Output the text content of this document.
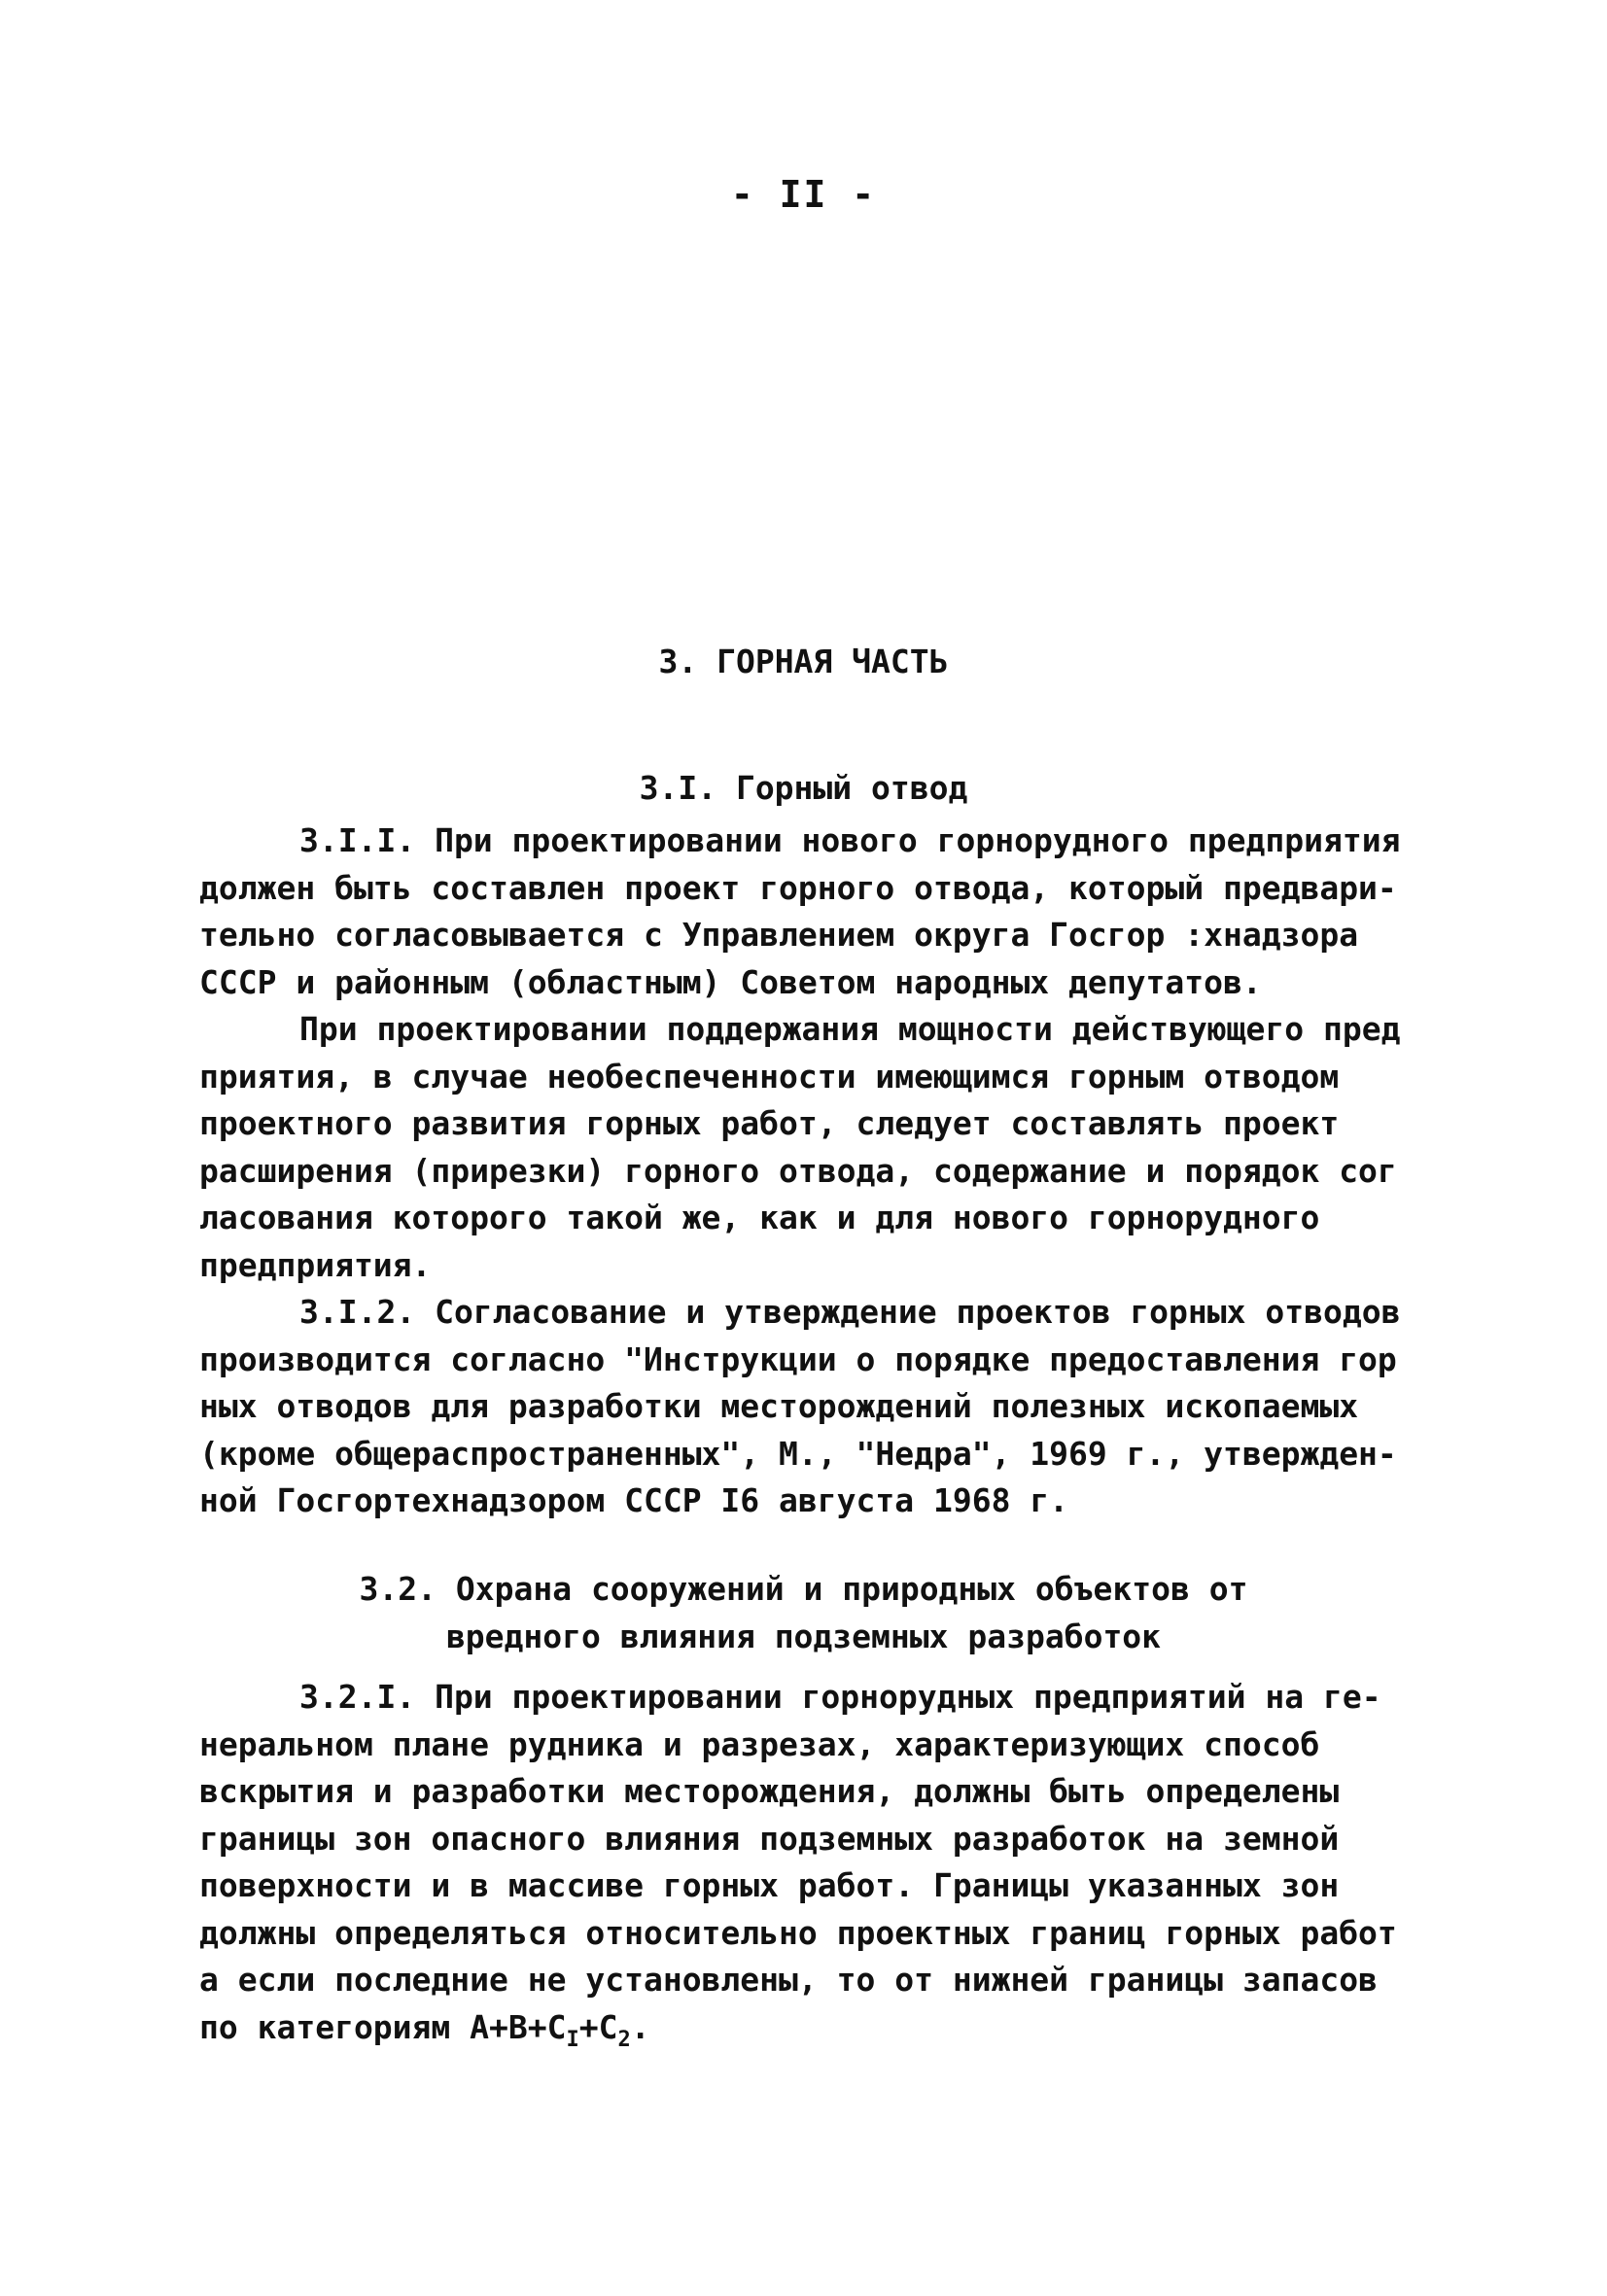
- II -
3. ГОРНАЯ ЧАСТЬ
3.I. Горный отвод
3.I.I. При проектировании нового горнорудного предприятия
должен быть составлен проект горного отвода, который предвари-
тельно согласовывается с Управлением округа Госгор :хнадзора
СССР и районным (областным) Советом народных депутатов.
При проектировании поддержания мощности действующего пред
приятия, в случае необеспеченности имеющимся горным отводом
проектного развития горных работ, следует составлять проект
расширения (прирезки) горного отвода, содержание и порядок сог
ласования которого такой же, как и для нового горнорудного
предприятия.
3.I.2. Согласование и утверждение проектов горных отводов
производится согласно "Инструкции о порядке предоставления гор
ных отводов для разработки месторождений полезных ископаемых
(кроме общераспространенных", М., "Недра", 1969 г., утвержден-
ной Госгортехнадзором СССР I6 августа 1968 г.
3.2. Охрана сооружений и природных объектов от
вредного влияния подземных разработок
3.2.I. При проектировании горнорудных предприятий на ге-
неральном плане рудника и разрезах, характеризующих способ
вскрытия и разработки месторождения, должны быть определены
границы зон опасного влияния подземных разработок на земной
поверхности и в массиве горных работ. Границы указанных зон
должны определяться относительно проектных границ горных работ
а если последние не установлены, то от нижней границы запасов
по категориям $А+В+С_I+С_2$.
